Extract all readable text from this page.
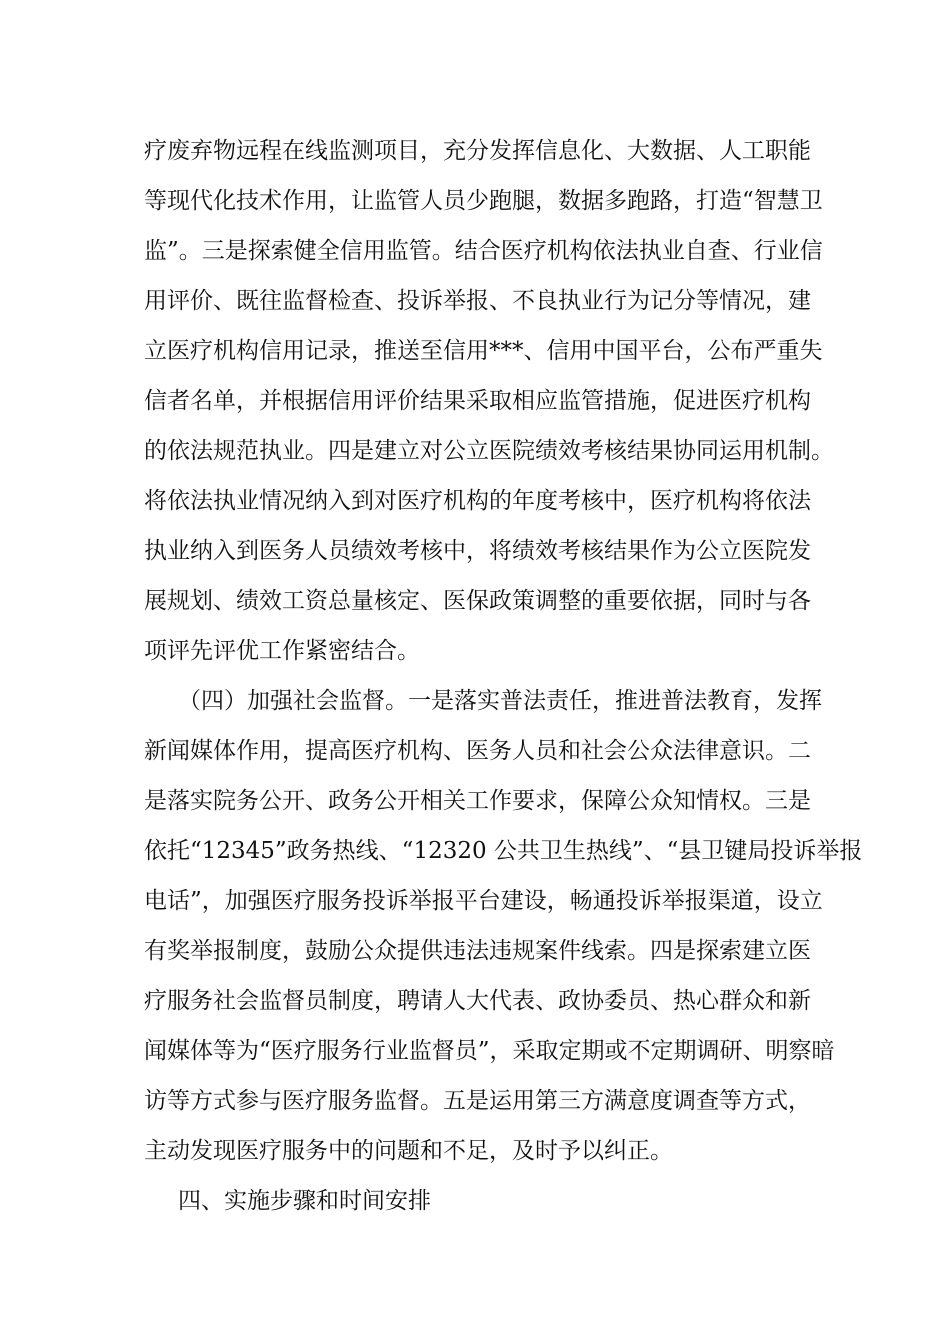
疗废弃物远程在线监测项目，充分发挥信息化、大数据、人工职能
等现代化技术作用，让监管人员少跑腿，数据多跑路，打造“智慧卫
监”。三是探索健全信用监管。结合医疗机构依法执业自查、行业信
用评价、既往监督检查、投诉举报、不良执业行为记分等情况，建
立医疗机构信用记录，推送至信用***、信用中国平台，公布严重失
信者名单，并根据信用评价结果采取相应监管措施，促进医疗机构
的依法规范执业。四是建立对公立医院绩效考核结果协同运用机制。
将依法执业情况纳入到对医疗机构的年度考核中，医疗机构将依法
执业纳入到医务人员绩效考核中，将绩效考核结果作为公立医院发
展规划、绩效工资总量核定、医保政策调整的重要依据，同时与各
项评先评优工作紧密结合。
（四）加强社会监督。一是落实普法责任，推进普法教育，发挥
新闻媒体作用，提高医疗机构、医务人员和社会公众法律意识。二
是落实院务公开、政务公开相关工作要求，保障公众知情权。三是
依托“12345”政务热线、“12320 公共卫生热线”、“县卫键局投诉举报
电话”，加强医疗服务投诉举报平台建设，畅通投诉举报渠道，设立
有奖举报制度，鼓励公众提供违法违规案件线索。四是探索建立医
疗服务社会监督员制度，聘请人大代表、政协委员、热心群众和新
闻媒体等为“医疗服务行业监督员”，采取定期或不定期调研、明察暗
访等方式参与医疗服务监督。五是运用第三方满意度调查等方式，
主动发现医疗服务中的问题和不足，及时予以纠正。
四、实施步骤和时间安排
